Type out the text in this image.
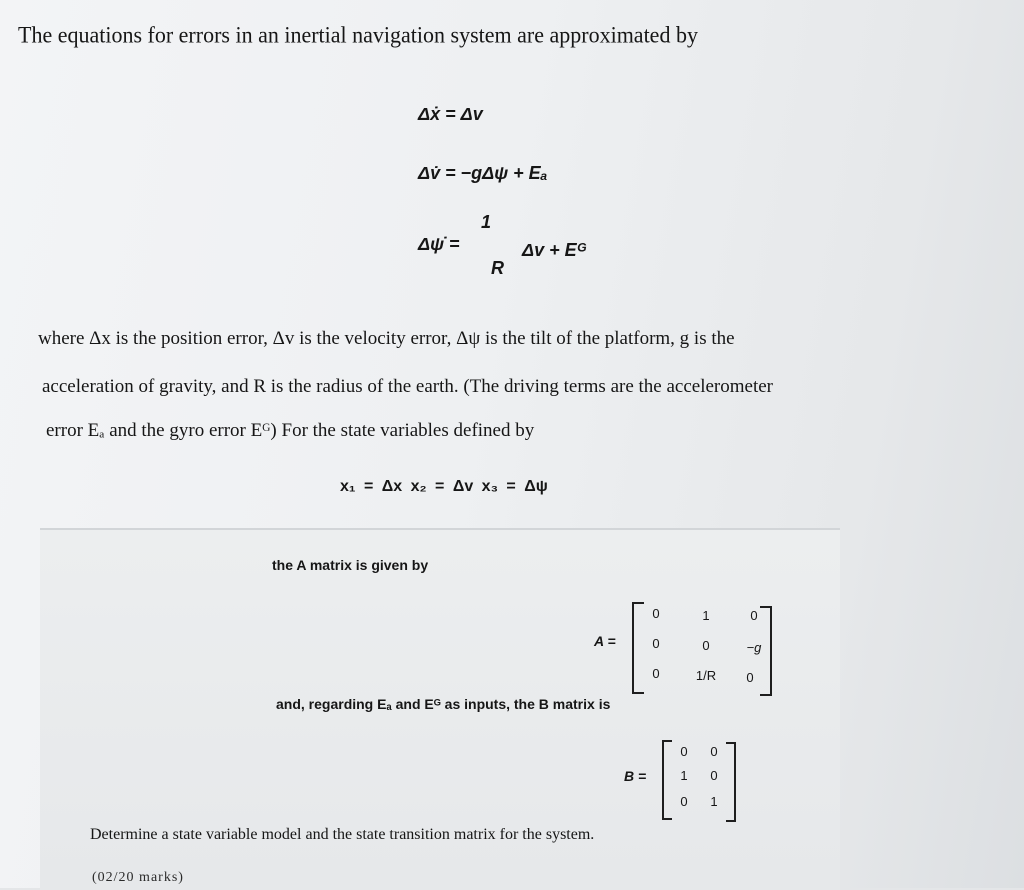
The equations for errors in an inertial navigation system are approximated by
Δẋ = Δv
Δv̇ = −gΔψ + Eₐ
Δψ̇ =
1
R
Δv + Eᴳ
where Δx is the position error, Δv is the velocity error, Δψ is the tilt of the platform, g is the
acceleration of gravity, and R is the radius of the earth. (The driving terms are the accelerometer
error Eₐ and the gyro error Eᴳ) For the state variables defined by
x₁ = Δx x₂ = Δv x₃ = Δψ
the A matrix is given by
A =
0	1	0
0	0	−g
0	1/R	0
and, regarding Eₐ and Eᴳ as inputs, the B matrix is
B =
0	0
1	0
0	1
Determine a state variable model and the state transition matrix for the system.
(02/20 marks)
